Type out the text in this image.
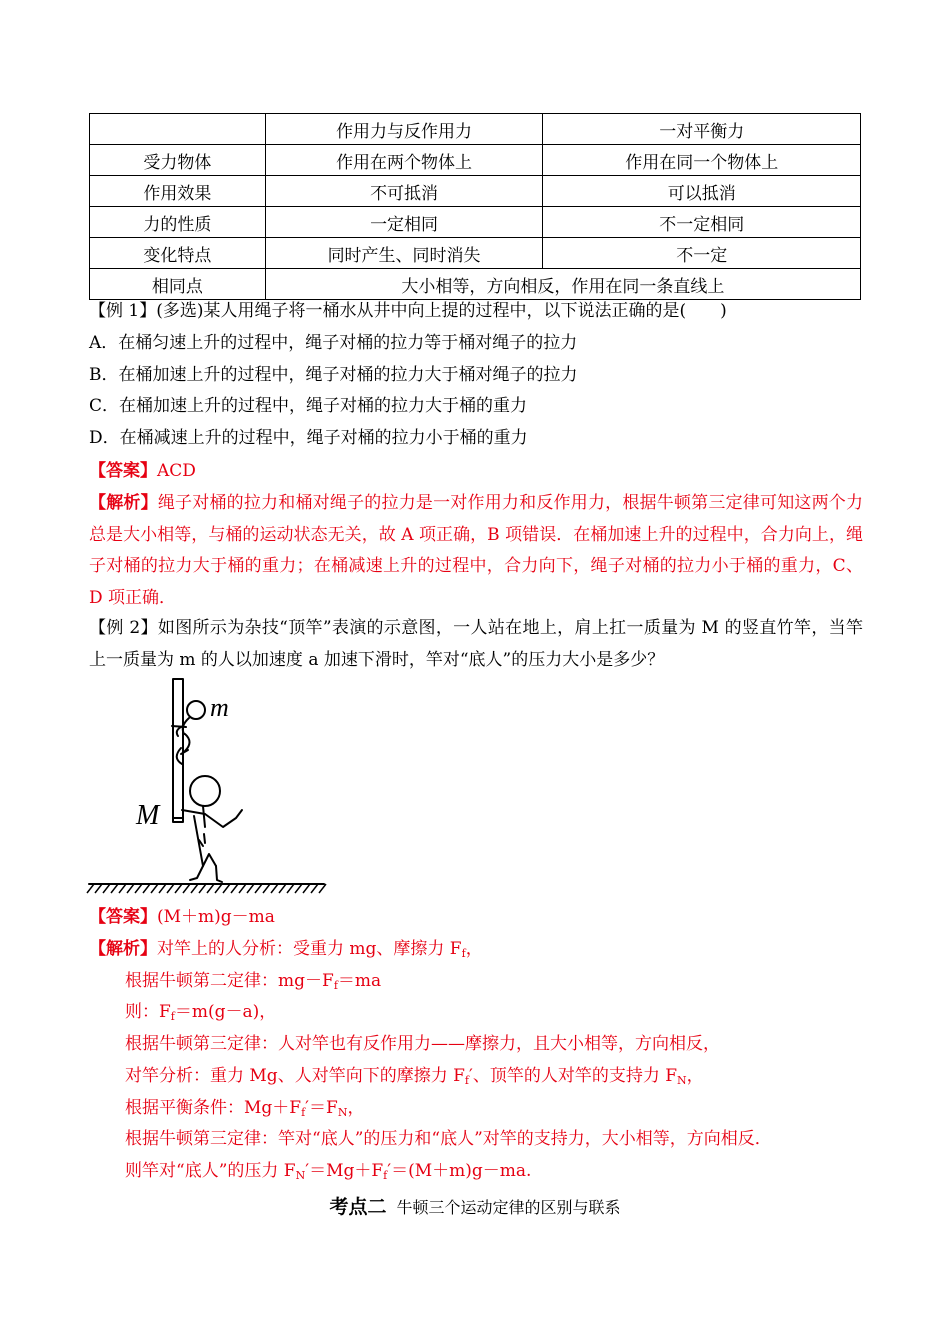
	作用力与反作用力	一对平衡力
受力物体	作用在两个物体上	作用在同一个物体上
作用效果	不可抵消	可以抵消
力的性质	一定相同	不一定相同
变化特点	同时产生、同时消失	不一定
相同点	大小相等，方向相反，作用在同一条直线上	
【例 1】(多选)某人用绳子将一桶水从井中向上提的过程中，以下说法正确的是(　　)
A．在桶匀速上升的过程中，绳子对桶的拉力等于桶对绳子的拉力
B．在桶加速上升的过程中，绳子对桶的拉力大于桶对绳子的拉力
C．在桶加速上升的过程中，绳子对桶的拉力大于桶的重力
D．在桶减速上升的过程中，绳子对桶的拉力小于桶的重力
【答案】ACD
【解析】绳子对桶的拉力和桶对绳子的拉力是一对作用力和反作用力，根据牛顿第三定律可知这两个力总是大小相等，与桶的运动状态无关，故 A 项正确，B 项错误．在桶加速上升的过程中，合力向上，绳子对桶的拉力大于桶的重力；在桶减速上升的过程中，合力向下，绳子对桶的拉力小于桶的重力，C、D 项正确．
【例 2】如图所示为杂技“顶竿”表演的示意图，一人站在地上，肩上扛一质量为 M 的竖直竹竿，当竿上一质量为 m 的人以加速度 a 加速下滑时，竿对“底人”的压力大小是多少？
m
M
【答案】(M＋m)g－ma
【解析】对竿上的人分析：受重力 mg、摩擦力 $F_f$，
根据牛顿第二定律：$mg-F_f=ma$
则：$F_f=m(g-a)$，
根据牛顿第三定律：人对竿也有反作用力——摩擦力，且大小相等，方向相反，
对竿分析：重力 Mg、人对竿向下的摩擦力 $F_f'$、顶竿的人对竿的支持力 $F_N$，
根据平衡条件：$Mg+F_f'=F_N$，
根据牛顿第三定律：竿对“底人”的压力和“底人”对竿的支持力，大小相等，方向相反．
则竿对“底人”的压力 $F_N'=Mg+F_f'=(M+m)g-ma$.
考点二 牛顿三个运动定律的区别与联系
